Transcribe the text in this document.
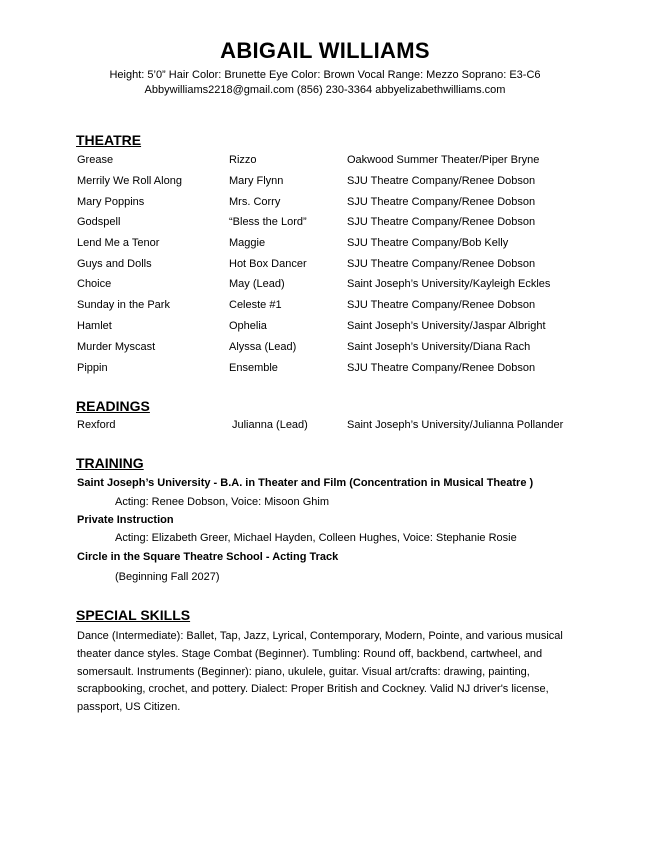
ABIGAIL WILLIAMS
Height: 5’0” Hair Color: Brunette Eye Color: Brown Vocal Range: Mezzo Soprano: E3-C6
Abbywilliams2218@gmail.com (856) 230-3364 abbyelizabethwilliams.com
THEATRE
Grease	Rizzo	Oakwood Summer Theater/Piper Bryne
Merrily We Roll Along	Mary Flynn	SJU Theatre Company/Renee Dobson
Mary Poppins	Mrs. Corry	SJU Theatre Company/Renee Dobson
Godspell	“Bless the Lord”	SJU Theatre Company/Renee Dobson
Lend Me a Tenor	Maggie	SJU Theatre Company/Bob Kelly
Guys and Dolls	Hot Box Dancer	SJU Theatre Company/Renee Dobson
Choice	May (Lead)	Saint Joseph’s University/Kayleigh Eckles
Sunday in the Park	Celeste #1	SJU Theatre Company/Renee Dobson
Hamlet	Ophelia	Saint Joseph’s University/Jaspar Albright
Murder Myscast	Alyssa (Lead)	Saint Joseph’s University/Diana Rach
Pippin	Ensemble	SJU Theatre Company/Renee Dobson
READINGS
Rexford	Julianna (Lead)	Saint Joseph’s University/Julianna Pollander
TRAINING
Saint Joseph’s University - B.A. in Theater and Film (Concentration in Musical Theatre )
Acting: Renee Dobson, Voice: Misoon Ghim
Private Instruction
Acting: Elizabeth Greer, Michael Hayden, Colleen Hughes, Voice: Stephanie Rosie
Circle in the Square Theatre School - Acting Track
(Beginning Fall 2027)
SPECIAL SKILLS
Dance (Intermediate): Ballet, Tap, Jazz, Lyrical, Contemporary, Modern, Pointe, and various musical theater dance styles. Stage Combat (Beginner). Tumbling: Round off, backbend, cartwheel, and somersault. Instruments (Beginner): piano, ukulele, guitar. Visual art/crafts: drawing, painting, scrapbooking, crochet, and pottery. Dialect: Proper British and Cockney. Valid NJ driver's license, passport, US Citizen.
